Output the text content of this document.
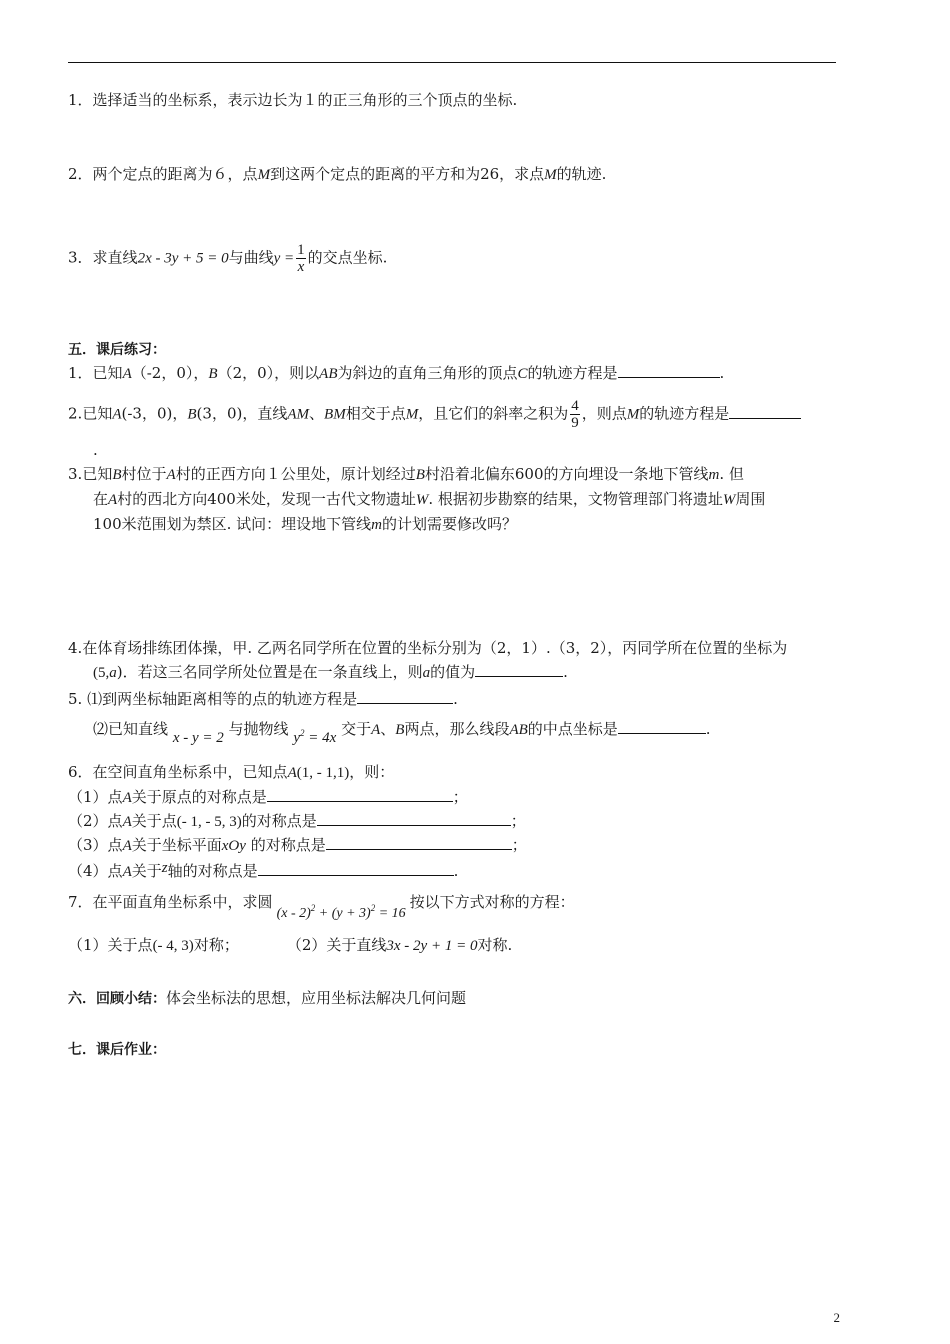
1．选择适当的坐标系，表示边长为１的正三角形的三个顶点的坐标.
2．两个定点的距离为６，点M到这两个定点的距离的平方和为26，求点M的轨迹.
3．求直线2x - 3y + 5 = 0与曲线$y = \frac{1}{x}$ 的交点坐标.
五．课后练习：
1．已知A（-2，0），B（2，0），则以AB为斜边的直角三角形的顶点C的轨迹方程是	.
2.已知A(-3，0)，B(3，0)，直线AM、BM相交于点M，且它们的斜率之积为 $\frac{4}{9}$ ，则点M的轨迹方程是
.
3.已知B村位于A村的正西方向１公里处，原计划经过B村沿着北偏东600的方向埋设一条地下管线m. 但
在A村的西北方向400米处，发现一古代文物遗址W. 根据初步勘察的结果，文物管理部门将遗址W周围
100米范围划为禁区. 试问：埋设地下管线m的计划需要修改吗？
4.在体育场排练团体操，甲. 乙两名同学所在位置的坐标分别为（2，1）.（3，2），丙同学所在位置的坐标为
(5,a)．若这三名同学所处位置是在一条直线上，则a的值为	.
5. ⑴到两坐标轴距离相等的点的轨迹方程是	.
⑵已知直线 x - y = 2 与抛物线 $y^2 = 4x$ 交于A、B两点，那么线段AB的中点坐标是	.
6．在空间直角坐标系中，已知点A(1, - 1,1)，则：
（1）点A关于原点的对称点是	；
（2）点A关于点(- 1, - 5, 3)的对称点是	；
（3）点A关于坐标平面xOy 的对称点是	；
（4）点A关于z轴的对称点是	.
7．在平面直角坐标系中，求圆$(x - 2)^2 + (y + 3)^2 = 16$按以下方式对称的方程：
（1）关于点(- 4, 3)对称；	（2）关于直线3x - 2y + 1 = 0对称.
六．回顾小结：体会坐标法的思想，应用坐标法解决几何问题
七．课后作业：
2
